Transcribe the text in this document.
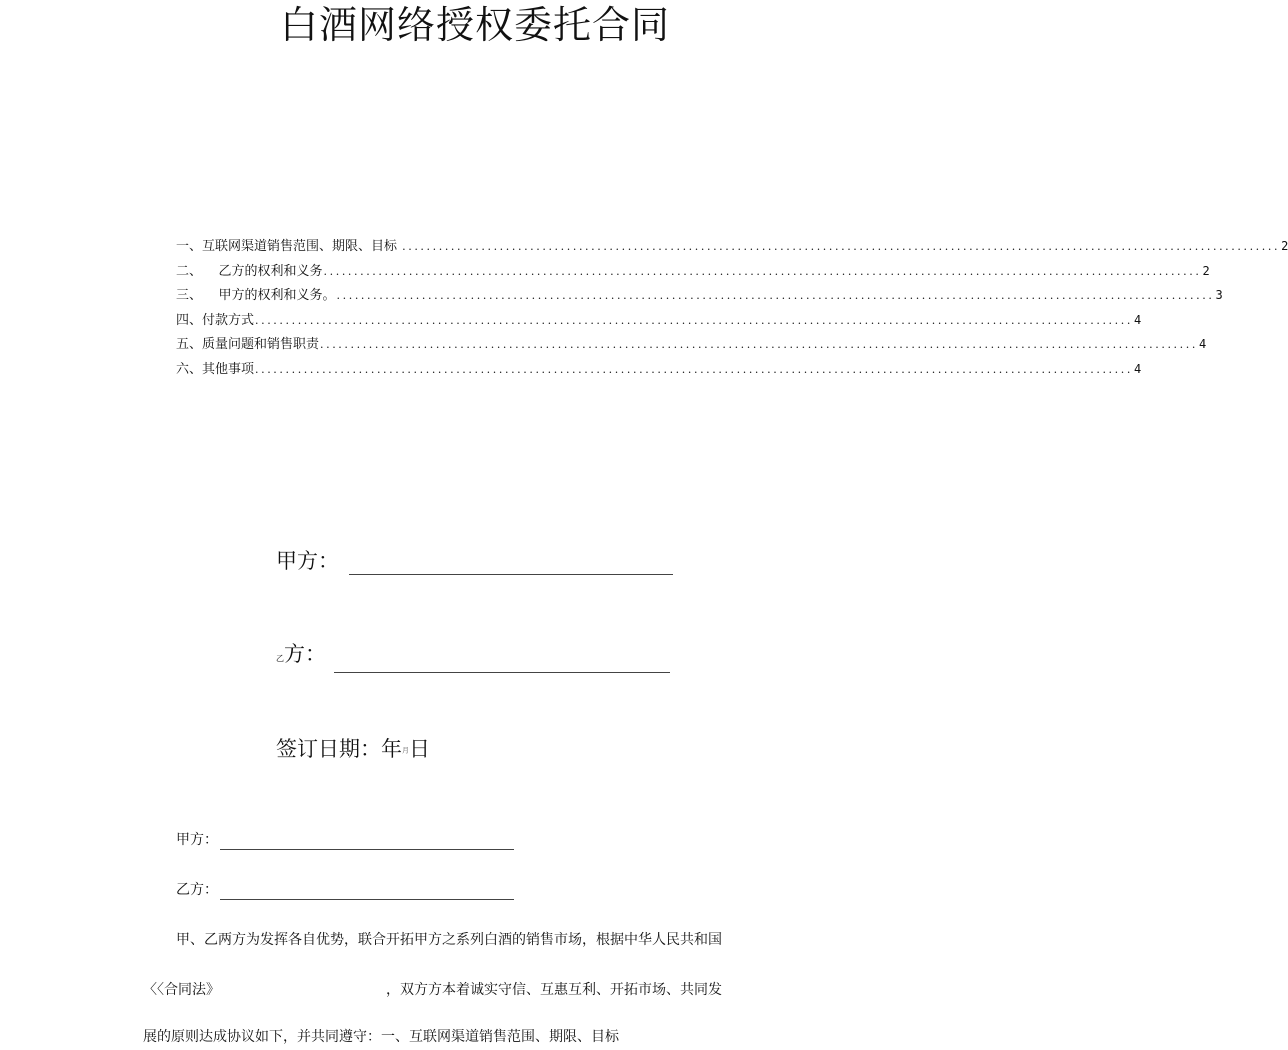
白酒网络授权委托合同
一、互联网渠道销售范围、期限、目标 ................................................................................................................................................ 2
二、    乙方的权利和义务 ................................................................................................................................................ 2
三、    甲方的权利和义务。 ................................................................................................................................................ 3
四、付款方式 ................................................................................................................................................ 4
五、质量问题和销售职责 ................................................................................................................................................ 4
六、其他事项 ................................................................................................................................................ 4
甲方：
乙方：
签订日期：年月日
甲方：
乙方：
甲、乙两方为发挥各自优势，联合开拓甲方之系列白酒的销售市场，根据中华人民共和国
〈〈合同法》	，双方方本着诚实守信、互惠互利、开拓市场、共同发
展的原则达成协议如下，并共同遵守：一、互联网渠道销售范围、期限、目标
